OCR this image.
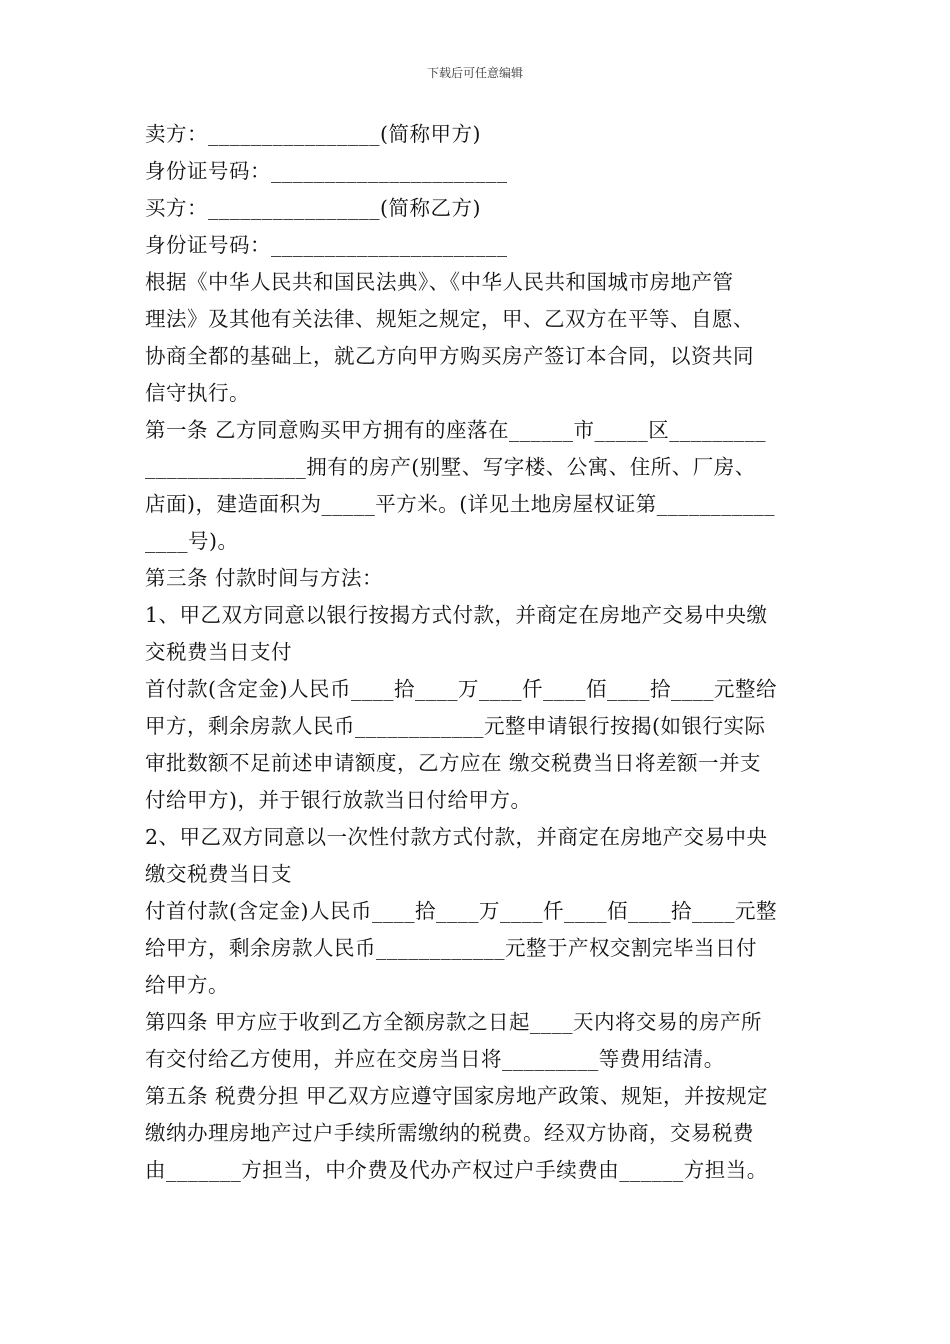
下载后可任意编辑
卖方：________________(简称甲方)
身份证号码：______________________
买方：________________(简称乙方)
身份证号码：______________________
根据《中华人民共和国民法典》、《中华人民共和国城市房地产管
理法》及其他有关法律、规矩之规定，甲、乙双方在平等、自愿、
协商全都的基础上，就乙方向甲方购买房产签订本合同，以资共同
信守执行。
第一条 乙方同意购买甲方拥有的座落在______市_____区_________
_______________拥有的房产(别墅、写字楼、公寓、住所、厂房、
店面)，建造面积为_____平方米。(详见土地房屋权证第___________
____号)。
第三条 付款时间与方法：
1、甲乙双方同意以银行按揭方式付款，并商定在房地产交易中央缴
交税费当日支付
首付款(含定金)人民币____拾____万____仟____佰____拾____元整给
甲方，剩余房款人民币____________元整申请银行按揭(如银行实际
审批数额不足前述申请额度，乙方应在 缴交税费当日将差额一并支
付给甲方)，并于银行放款当日付给甲方。
2、甲乙双方同意以一次性付款方式付款，并商定在房地产交易中央
缴交税费当日支
付首付款(含定金)人民币____拾____万____仟____佰____拾____元整
给甲方，剩余房款人民币____________元整于产权交割完毕当日付
给甲方。
第四条 甲方应于收到乙方全额房款之日起____天内将交易的房产所
有交付给乙方使用，并应在交房当日将_________等费用结清。
第五条 税费分担 甲乙双方应遵守国家房地产政策、规矩，并按规定
缴纳办理房地产过户手续所需缴纳的税费。经双方协商，交易税费
由_______方担当，中介费及代办产权过户手续费由______方担当。
